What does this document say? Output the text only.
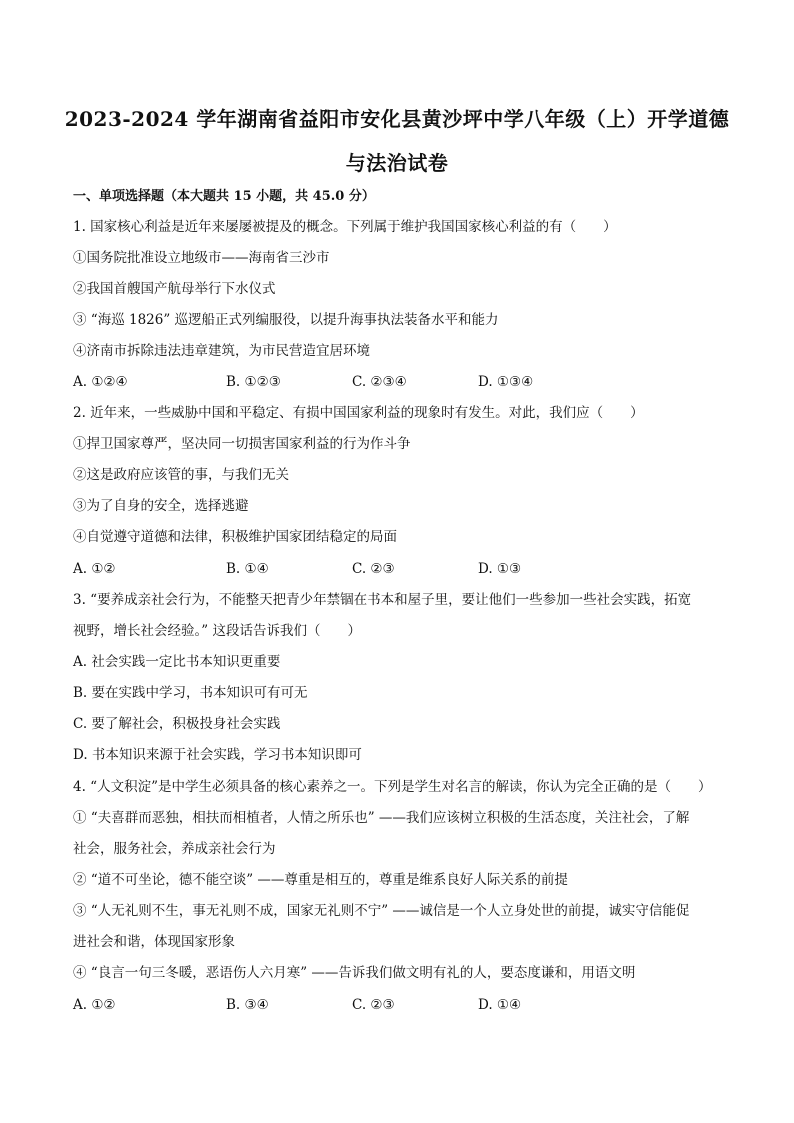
2023-2024 学年湖南省益阳市安化县黄沙坪中学八年级（上）开学道德
与法治试卷
一、单项选择题（本大题共 15 小题，共 45.0 分）
1. 国家核心利益是近年来屡屡被提及的概念。下列属于维护我国国家核心利益的有（　　）
①国务院批准设立地级市——海南省三沙市
②我国首艘国产航母举行下水仪式
③ “海巡 1826” 巡逻船正式列编服役，以提升海事执法装备水平和能力
④济南市拆除违法违章建筑，为市民营造宜居环境
A. ①②④	B. ①②③	C. ②③④	D. ①③④
2. 近年来，一些威胁中国和平稳定、有损中国国家利益的现象时有发生。对此，我们应（　　）
①捍卫国家尊严，坚决同一切损害国家利益的行为作斗争
②这是政府应该管的事，与我们无关
③为了自身的安全，选择逃避
④自觉遵守道德和法律，积极维护国家团结稳定的局面
A. ①②	B. ①④	C. ②③	D. ①③
3. “要养成亲社会行为，不能整天把青少年禁锢在书本和屋子里，要让他们一些参加一些社会实践，拓宽
视野，增长社会经验。” 这段话告诉我们（　　）
A. 社会实践一定比书本知识更重要
B. 要在实践中学习，书本知识可有可无
C. 要了解社会，积极投身社会实践
D. 书本知识来源于社会实践，学习书本知识即可
4. “人文积淀”是中学生必须具备的核心素养之一。下列是学生对名言的解读，你认为完全正确的是（　　）
① “夫喜群而恶独，相扶而相植者，人情之所乐也” ——我们应该树立积极的生活态度，关注社会，了解
社会，服务社会，养成亲社会行为
② “道不可坐论，德不能空谈” ——尊重是相互的，尊重是维系良好人际关系的前提
③ “人无礼则不生，事无礼则不成，国家无礼则不宁” ——诚信是一个人立身处世的前提，诚实守信能促
进社会和谐，体现国家形象
④ “良言一句三冬暖，恶语伤人六月寒” ——告诉我们做文明有礼的人，要态度谦和，用语文明
A. ①②	B. ③④	C. ②③	D. ①④
